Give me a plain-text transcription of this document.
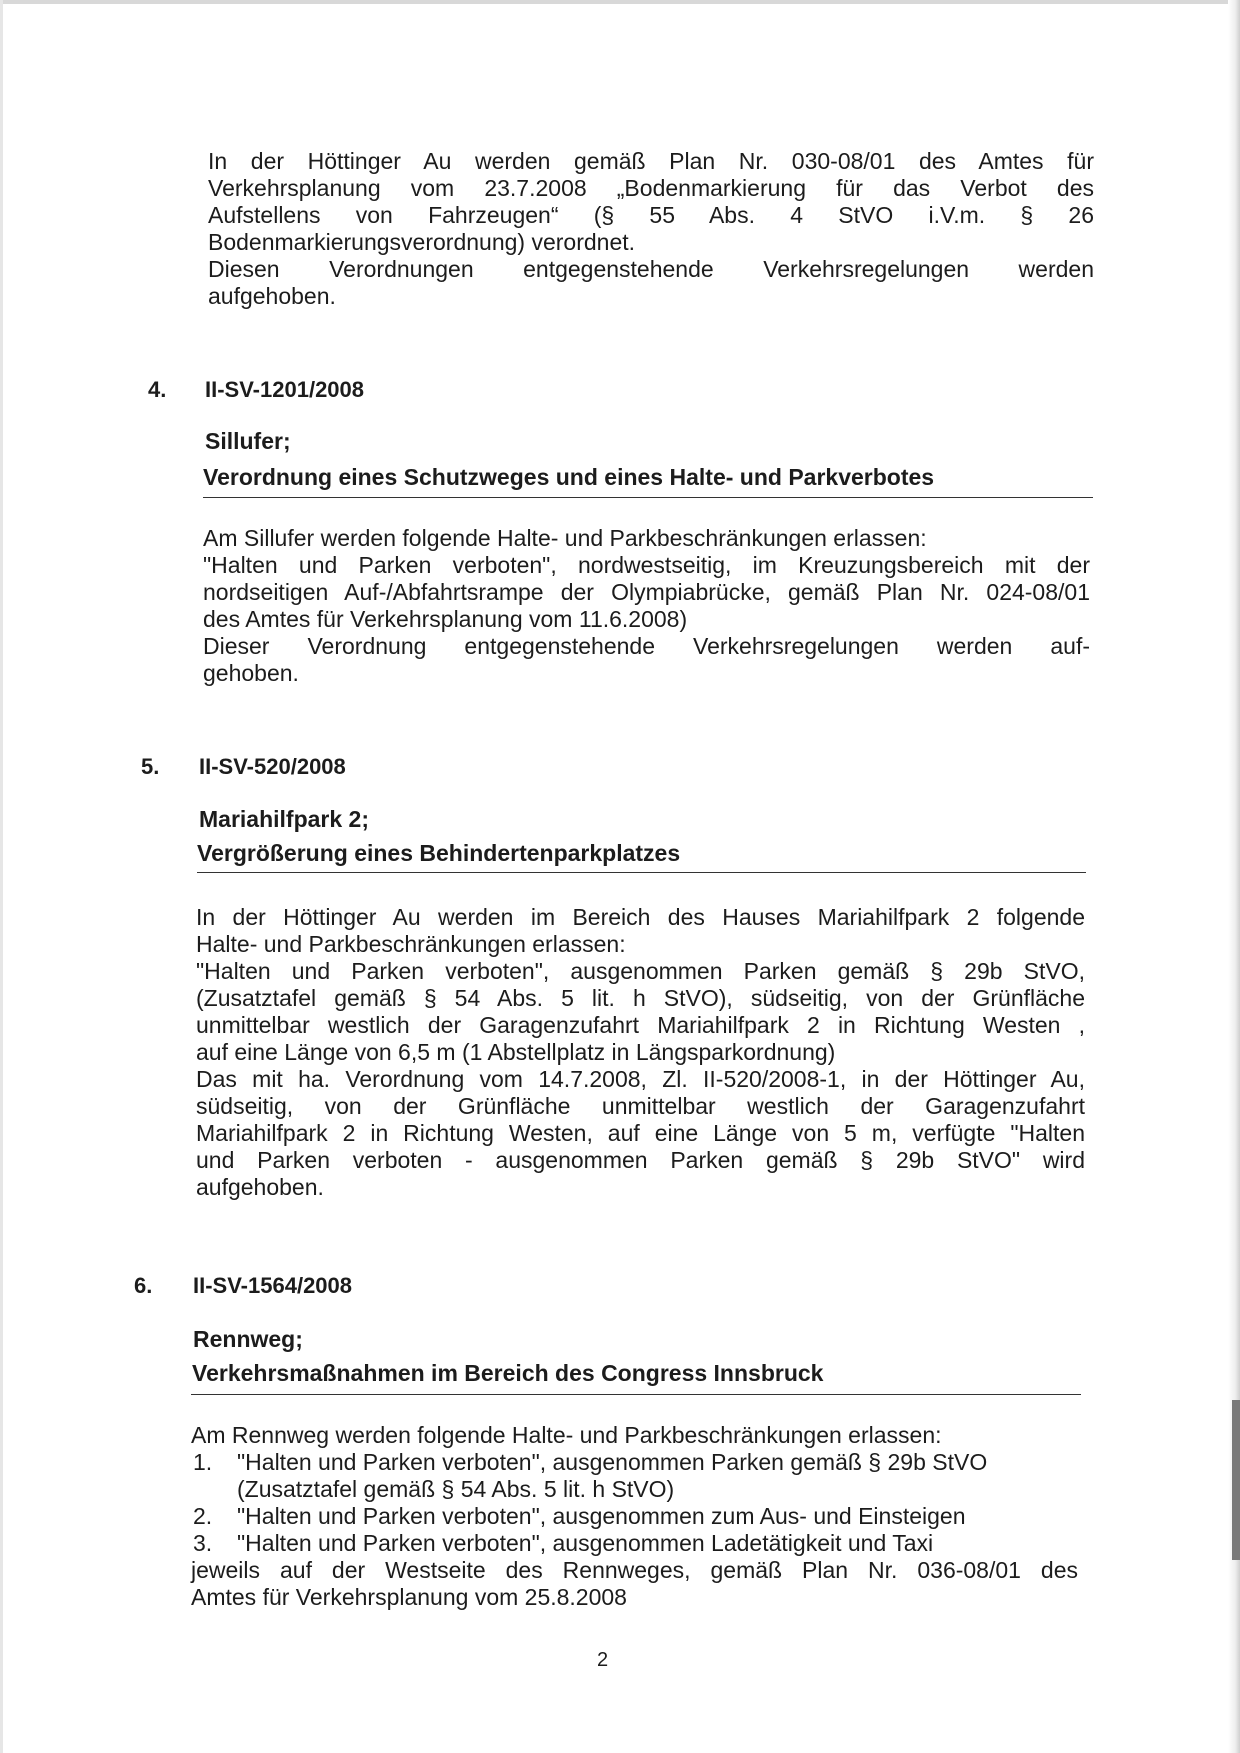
In der Höttinger Au werden gemäß Plan Nr. 030-08/01 des Amtes für
Verkehrsplanung vom 23.7.2008 „Bodenmarkierung für das Verbot des
Aufstellens von Fahrzeugen“ (§ 55 Abs. 4 StVO i.V.m. § 26
Bodenmarkierungsverordnung) verordnet.
Diesen Verordnungen entgegenstehende Verkehrsregelungen werden
aufgehoben.
4. II-SV-1201/2008
Sillufer;
Verordnung eines Schutzweges und eines Halte- und Parkverbotes
Am Sillufer werden folgende Halte- und Parkbeschränkungen erlassen:
"Halten und Parken verboten", nordwestseitig, im Kreuzungsbereich mit der
nordseitigen Auf-/Abfahrtsrampe der Olympiabrücke, gemäß Plan Nr. 024-08/01
des Amtes für Verkehrsplanung vom 11.6.2008)
Dieser Verordnung entgegenstehende Verkehrsregelungen werden auf-
gehoben.
5. II-SV-520/2008
Mariahilfpark 2;
Vergrößerung eines Behindertenparkplatzes
In der Höttinger Au werden im Bereich des Hauses Mariahilfpark 2 folgende
Halte- und Parkbeschränkungen erlassen:
"Halten und Parken verboten", ausgenommen Parken gemäß § 29b StVO,
(Zusatztafel gemäß § 54 Abs. 5 lit. h StVO), südseitig, von der Grünfläche
unmittelbar westlich der Garagenzufahrt Mariahilfpark 2 in Richtung Westen ,
auf eine Länge von 6,5 m (1 Abstellplatz in Längsparkordnung)
Das mit ha. Verordnung vom 14.7.2008, Zl. II-520/2008-1, in der Höttinger Au,
südseitig, von der Grünfläche unmittelbar westlich der Garagenzufahrt
Mariahilfpark 2 in Richtung Westen, auf eine Länge von 5 m, verfügte "Halten
und Parken verboten - ausgenommen Parken gemäß § 29b StVO" wird
aufgehoben.
6. II-SV-1564/2008
Rennweg;
Verkehrsmaßnahmen im Bereich des Congress Innsbruck
Am Rennweg werden folgende Halte- und Parkbeschränkungen erlassen:
1.	"Halten und Parken verboten", ausgenommen Parken gemäß § 29b StVO
(Zusatztafel gemäß § 54 Abs. 5 lit. h StVO)
2.	"Halten und Parken verboten", ausgenommen zum Aus- und Einsteigen
3.	"Halten und Parken verboten", ausgenommen Ladetätigkeit und Taxi
jeweils auf der Westseite des Rennweges, gemäß Plan Nr. 036-08/01 des
Amtes für Verkehrsplanung vom 25.8.2008
2
